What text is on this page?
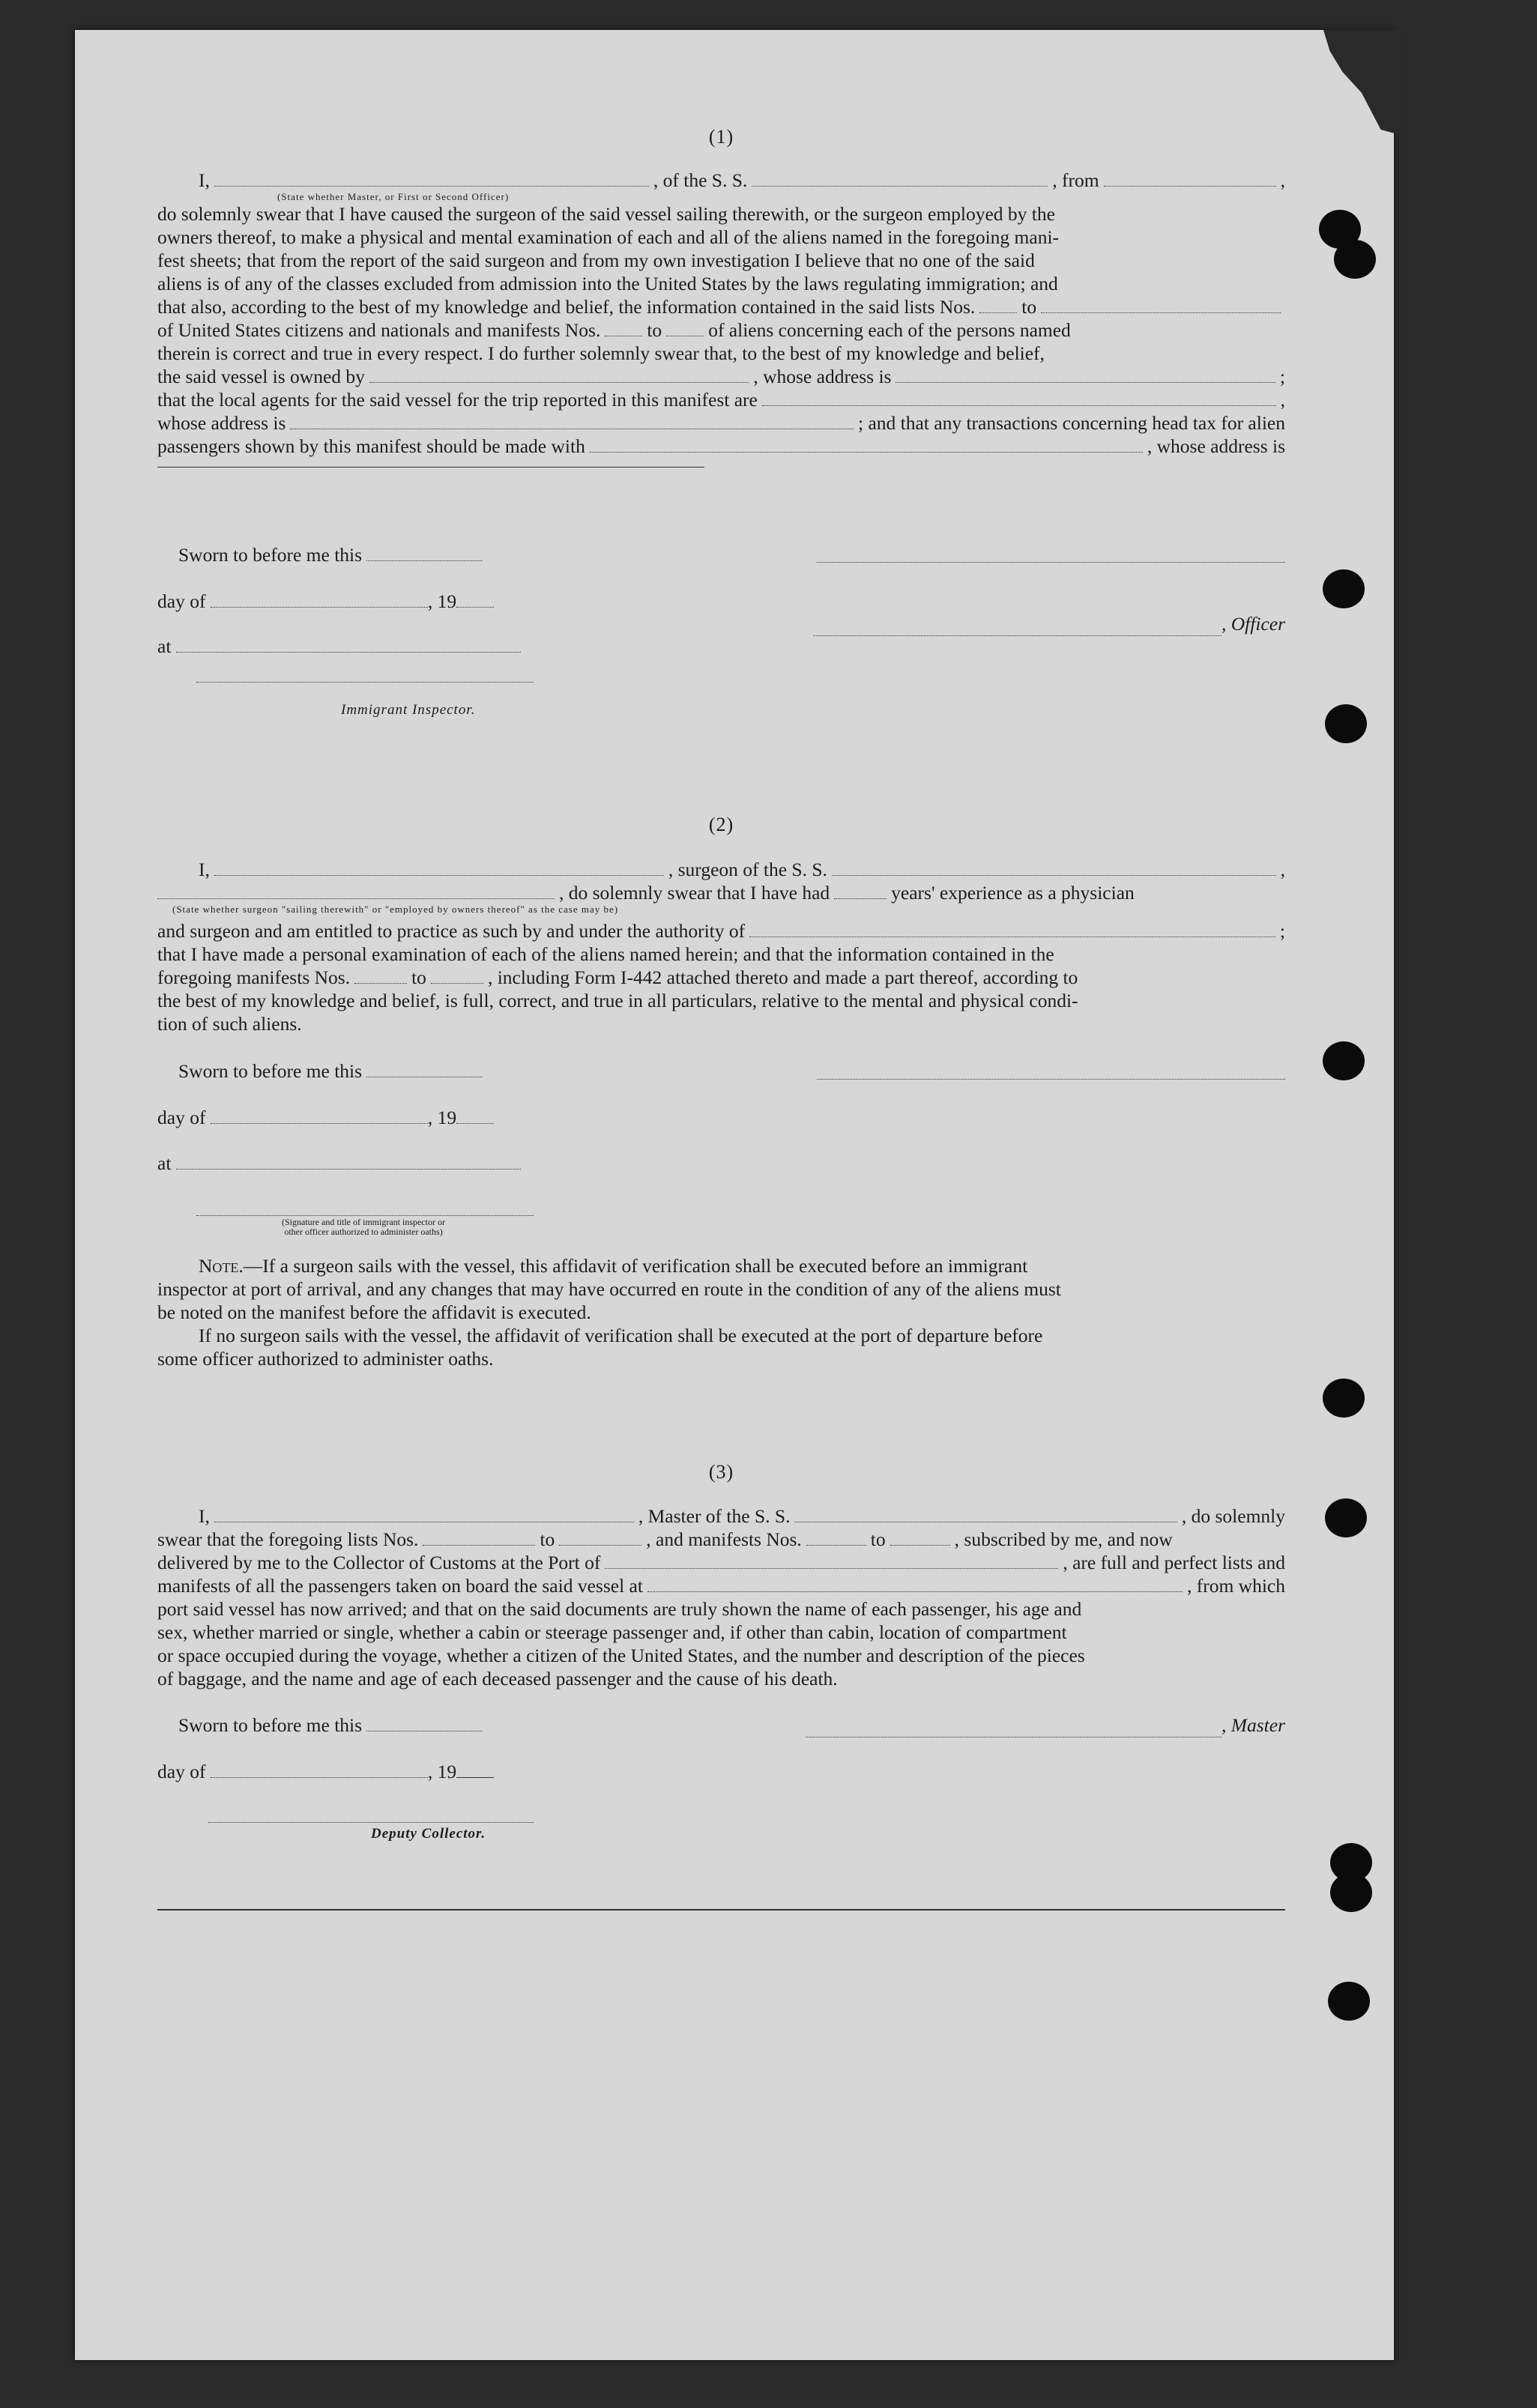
(1)
I,	, of the S. S.	, from	,
(State whether Master, or First or Second Officer)
do solemnly swear that I have caused the surgeon of the said vessel sailing therewith, or the surgeon employed by the
owners thereof, to make a physical and mental examination of each and all of the aliens named in the foregoing mani-
fest sheets; that from the report of the said surgeon and from my own investigation I believe that no one of the said
aliens is of any of the classes excluded from admission into the United States by the laws regulating immigration; and
that also, according to the best of my knowledge and belief, the information contained in the said lists Nos. to
of United States citizens and nationals and manifests Nos. to of aliens concerning each of the persons named
therein is correct and true in every respect. I do further solemnly swear that, to the best of my knowledge and belief,
the said vessel is owned by	, whose address is	;
that the local agents for the said vessel for the trip reported in this manifest are	,
whose address is	; and that any transactions concerning head tax for alien
passengers shown by this manifest should be made with	, whose address is
Sworn to before me this
day of	, 19

, Officer
at
Immigrant Inspector.
(2)
I,	, surgeon of the S. S.	,
, do solemnly swear that I have had	years' experience as a physician
(State whether surgeon "sailing therewith" or "employed by owners thereof" as the case may be)
and surgeon and am entitled to practice as such by and under the authority of	;
that I have made a personal examination of each of the aliens named herein; and that the information contained in the
foregoing manifests Nos.	to	, including Form I-442 attached thereto and made a part thereof, according to
the best of my knowledge and belief, is full, correct, and true in all particulars, relative to the mental and physical condi-
tion of such aliens.
Sworn to before me this
day of	, 19
at
(Signature and title of immigrant inspector or
other officer authorized to administer oaths)
Note.—If a surgeon sails with the vessel, this affidavit of verification shall be executed before an immigrant
inspector at port of arrival, and any changes that may have occurred en route in the condition of any of the aliens must
be noted on the manifest before the affidavit is executed.
If no surgeon sails with the vessel, the affidavit of verification shall be executed at the port of departure before
some officer authorized to administer oaths.
(3)
I,	, Master of the S. S.	, do solemnly
swear that the foregoing lists Nos.	to	, and manifests Nos.	to	, subscribed by me, and now
delivered by me to the Collector of Customs at the Port of	, are full and perfect lists and
manifests of all the passengers taken on board the said vessel at	, from which
port said vessel has now arrived; and that on the said documents are truly shown the name of each passenger, his age and
sex, whether married or single, whether a cabin or steerage passenger and, if other than cabin, location of compartment
or space occupied during the voyage, whether a citizen of the United States, and the number and description of the pieces
of baggage, and the name and age of each deceased passenger and the cause of his death.
Sworn to before me this
	, Master
day of	, 19
Deputy Collector.
